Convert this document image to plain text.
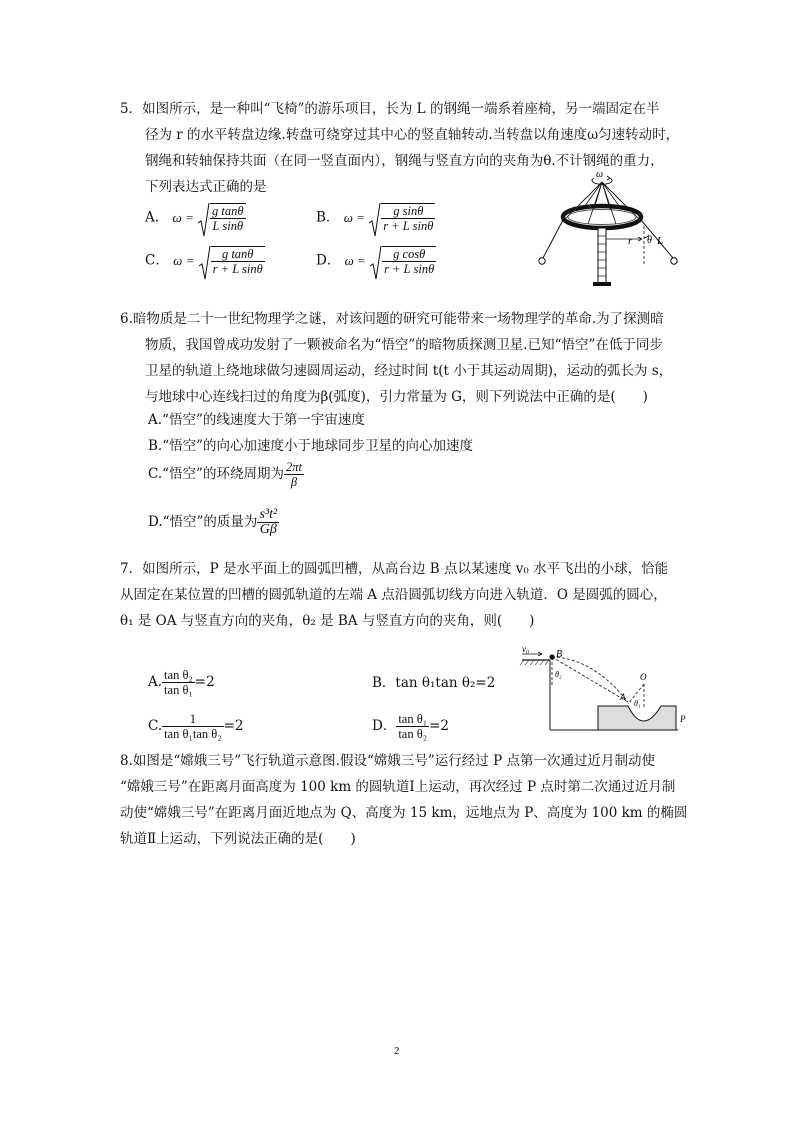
5．如图所示，是一种叫“飞椅”的游乐项目，长为 L 的钢绳一端系着座椅，另一端固定在半
径为 r 的水平转盘边缘.转盘可绕穿过其中心的竖直轴转动.当转盘以角速度ω匀速转动时，
钢绳和转轴保持共面（在同一竖直面内），钢绳与竖直方向的夹角为θ.不计钢绳的重力，
下列表达式正确的是
A． $\omega = \frac{\text{g tanθ}}{\text{L sinθ}}$	B． $\omega = \frac{\text{g sinθ}}{\text{r + L sinθ}}$
C． $\omega = \frac{\text{g tanθ}}{\text{r + L sinθ}}$	D． $\omega = \frac{\text{g cosθ}}{\text{r + L sinθ}}$
ω
r θ L
6.暗物质是二十一世纪物理学之谜，对该问题的研究可能带来一场物理学的革命.为了探测暗
物质，我国曾成功发射了一颗被命名为“悟空”的暗物质探测卫星.已知“悟空”在低于同步
卫星的轨道上绕地球做匀速圆周运动，经过时间 t(t 小于其运动周期)，运动的弧长为 s，
与地球中心连线扫过的角度为β(弧度)，引力常量为 G，则下列说法中正确的是(　　)
A.“悟空”的线速度大于第一宇宙速度
B.“悟空”的向心加速度小于地球同步卫星的向心加速度
C.“悟空”的环绕周期为 $\frac{2\pi t}{\beta}$
D.“悟空”的质量为 $\frac{\text{s³t²}}{G\beta}$
7．如图所示，P 是水平面上的圆弧凹槽，从高台边 B 点以某速度 v₀ 水平飞出的小球，恰能
从固定在某位置的凹槽的圆弧轨道的左端 A 点沿圆弧切线方向进入轨道．O 是圆弧的圆心，
θ₁ 是 OA 与竖直方向的夹角，θ₂ 是 BA 与竖直方向的夹角，则(　　)
A. $\frac{\text{tan θ₂}}{\text{tan θ₁}} =2$	B．tan θ₁tan θ₂=2
C. $\frac{1}{\text{tan θ₁tan θ₂}} =2$	D． $\frac{\text{tan θ₁}}{\text{tan θ₂}} =2$
v₀	B
θ₂	O
A
θ₁
P
8.如图是“嫦娥三号”飞行轨道示意图.假设“嫦娥三号”运行经过 P 点第一次通过近月制动使
“嫦娥三号”在距离月面高度为 100 km 的圆轨道Ⅰ上运动，再次经过 P 点时第二次通过近月制
动使“嫦娥三号”在距离月面近地点为 Q、高度为 15 km，远地点为 P、高度为 100 km 的椭圆
轨道Ⅱ上运动，下列说法正确的是(　　)
2
